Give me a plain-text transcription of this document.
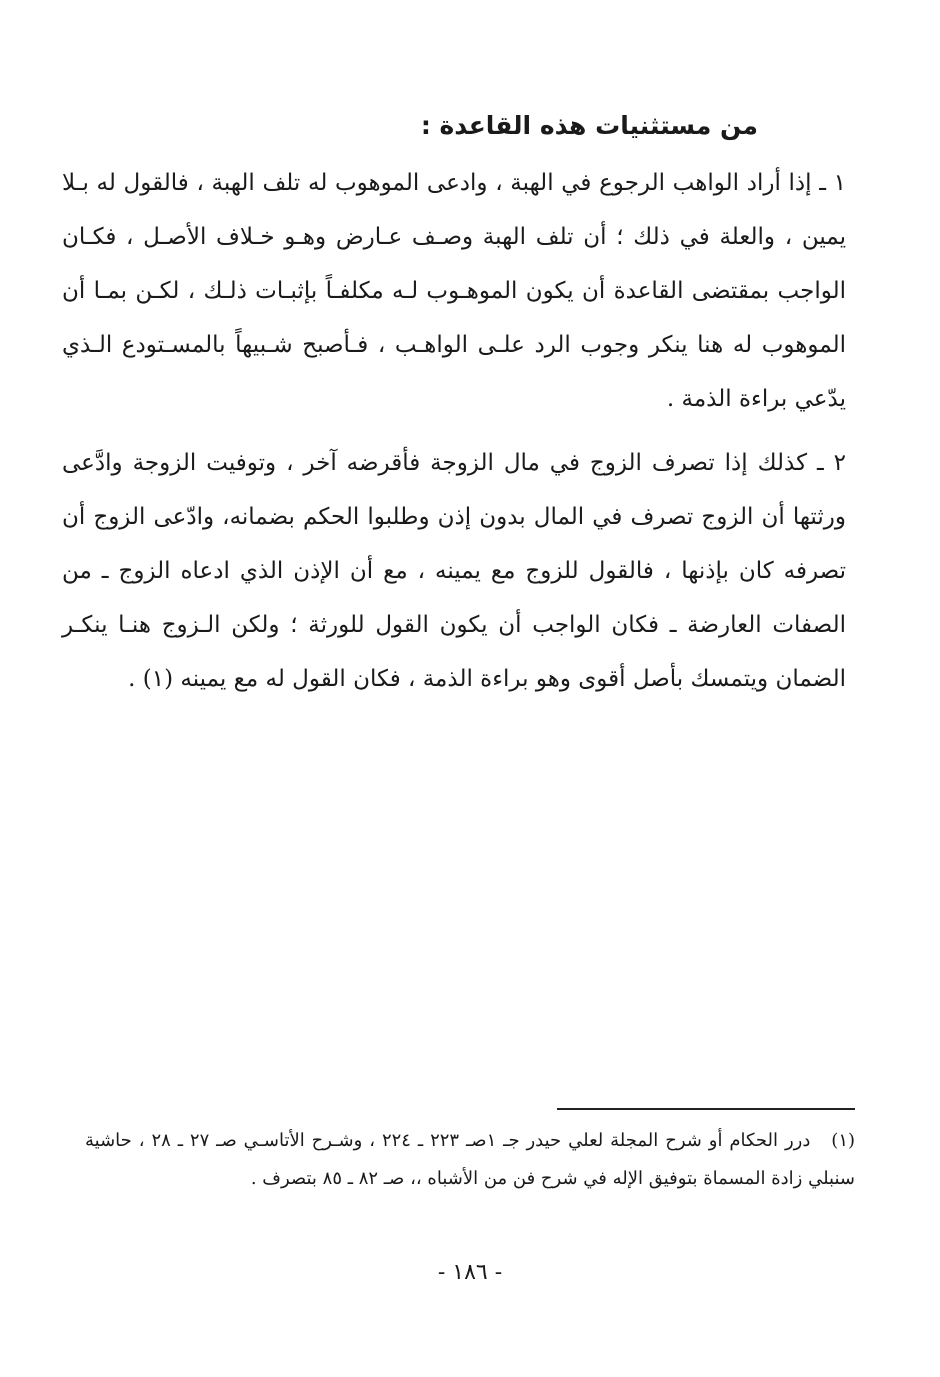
من مستثنيات هذه القاعدة :

١ ـ إذا أراد الواهب الرجوع في الهبة ، وادعى الموهوب له تلف الهبة ، فالقول له بـلا يمين ، والعلة في ذلك ؛ أن تلف الهبة وصـف عـارض وهـو خـلاف الأصـل ، فكـان الواجب بمقتضى القاعدة أن يكون الموهـوب لـه مكلفـاً بإثبـات ذلـك ، لكـن بمـا أن الموهوب له هنا ينكر وجوب الرد علـى الواهـب ، فـأصبح شـبيهاً بالمسـتودع الـذي يدّعي براءة الذمة .

٢ ـ كذلك إذا تصرف الزوج في مال الزوجة فأقرضه آخر ، وتوفيت الزوجة وادَّعى ورثتها أن الزوج تصرف في المال بدون إذن وطلبوا الحكم بضمانه، وادّعى الزوج أن تصرفه كان بإذنها ، فالقول للزوج مع يمينه ، مع أن الإذن الذي ادعاه الزوج ـ من الصفات العارضة ـ فكان الواجب أن يكون القول للورثة ؛ ولكن الـزوج هنـا ينكـر الضمان ويتمسك بأصل أقوى وهو براءة الذمة ، فكان القول له مع يمينه (١) .

(١) درر الحكام أو شرح المجلة لعلي حيدر جـ ١صـ ٢٢٣ ـ ٢٢٤ ، وشـرح الأتاسـي صـ ٢٧ ـ ٢٨ ، حاشية سنبلي زادة المسماة بتوفيق الإله في شرح فن من الأشباه ،، صـ ٨٢ ـ ٨٥ بتصرف .
- ١٨٦ -
